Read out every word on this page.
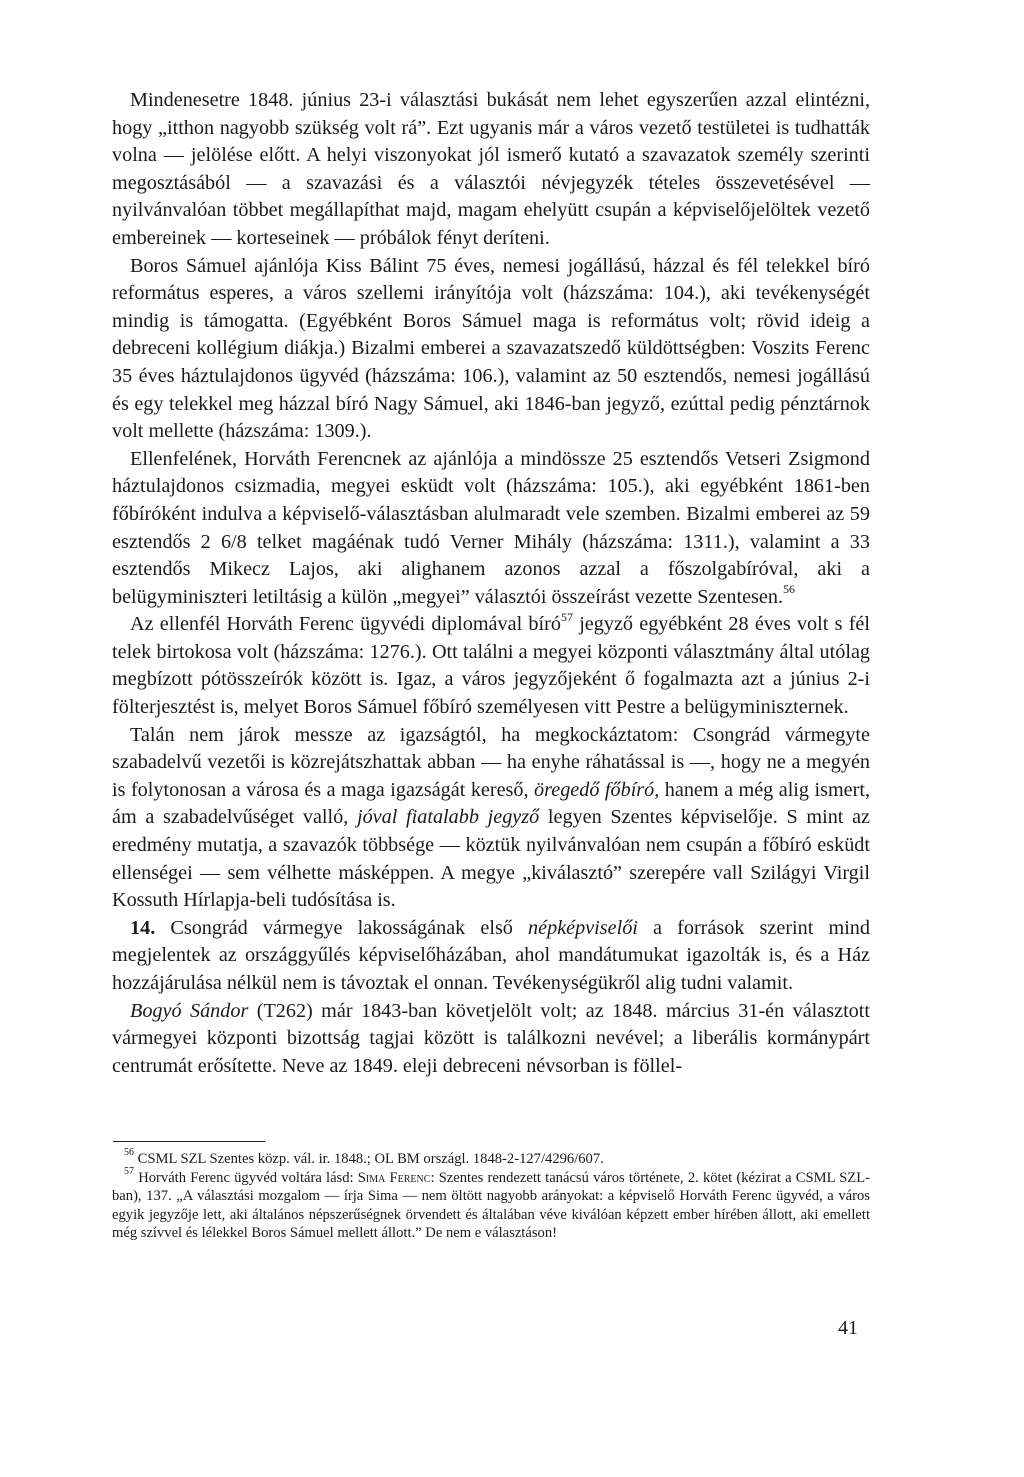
Mindenesetre 1848. június 23-i választási bukását nem lehet egyszerűen azzal elintézni, hogy „itthon nagyobb szükség volt rá”. Ezt ugyanis már a város vezető testületei is tudhatták volna — jelölése előtt. A helyi viszonyokat jól ismerő kutató a szavazatok személy szerinti megosztásából — a szavazási és a választói névjegyzék tételes összevetésével — nyilvánvalóan többet megállapíthat majd, magam ehelyütt csupán a képviselőjelöltek vezető embereinek — korteseinek — próbálok fényt deríteni.

Boros Sámuel ajánlója Kiss Bálint 75 éves, nemesi jogállású, házzal és fél telekkel bíró református esperes, a város szellemi irányítója volt (házszáma: 104.), aki tevékenységét mindig is támogatta. (Egyébként Boros Sámuel maga is református volt; rövid ideig a debreceni kollégium diákja.) Bizalmi emberei a szavazatszedő küldöttségben: Voszits Ferenc 35 éves háztulajdonos ügyvéd (házszáma: 106.), valamint az 50 esztendős, nemesi jogállású és egy telekkel meg házzal bíró Nagy Sámuel, aki 1846-ban jegyző, ezúttal pedig pénztárnok volt mellette (házszáma: 1309.).

Ellenfelének, Horváth Ferencnek az ajánlója a mindössze 25 esztendős Vetseri Zsigmond háztulajdonos csizmadia, megyei esküdt volt (házszáma: 105.), aki egyébként 1861-ben főbíróként indulva a képviselő-választásban alulmaradt vele szemben. Bizalmi emberei az 59 esztendős 2 6/8 telket magáénak tudó Verner Mihály (házszáma: 1311.), valamint a 33 esztendős Mikecz Lajos, aki alighanem azonos azzal a főszolgabíróval, aki a belügyminiszteri letiltásig a külön „megyei” választói összeírást vezette Szentesen.$^{56}$

Az ellenfél Horváth Ferenc ügyvédi diplomával bíró$^{57}$ jegyző egyébként 28 éves volt s fél telek birtokosa volt (házszáma: 1276.). Ott találni a megyei központi választmány által utólag megbízott pótösszeírók között is. Igaz, a város jegyzőjeként ő fogalmazta azt a június 2-i fölterjesztést is, melyet Boros Sámuel főbíró személyesen vitt Pestre a belügyminiszternek.

Talán nem járok messze az igazságtól, ha megkockáztatom: Csongrád vármegyte szabadelvű vezetői is közrejátszhattak abban — ha enyhe ráhatással is —, hogy ne a megyén is folytonosan a városa és a maga igazságát kereső, öregedő főbíró, hanem a még alig ismert, ám a szabadelvűséget valló, jóval fiatalabb jegyző legyen Szentes képviselője. S mint az eredmény mutatja, a szavazók többsége — köztük nyilvánvalóan nem csupán a főbíró esküdt ellenségei — sem vélhette másképpen. A megye „kiválasztó” szerepére vall Szilágyi Virgil Kossuth Hírlapja-beli tudósítása is.

14. Csongrád vármegye lakosságának első népképviselői a források szerint mind megjelentek az országgyűlés képviselőházában, ahol mandátumukat igazolták is, és a Ház hozzájárulása nélkül nem is távoztak el onnan. Tevékenységükről alig tudni valamit.

Bogyó Sándor (T262) már 1843-ban követjelölt volt; az 1848. március 31-én választott vármegyei központi bizottság tagjai között is találkozni nevével; a liberális kormánypárt centrumát erősítette. Neve az 1849. eleji debreceni névsorban is föllel-

$^{56}$ CSML SZL Szentes közp. vál. ir. 1848.; OL BM országl. 1848-2-127/4296/607.

$^{57}$ Horváth Ferenc ügyvéd voltára lásd: Sima Ferenc: Szentes rendezett tanácsú város története, 2. kötet (kézirat a CSML SZL-ban), 137. „A választási mozgalom — írja Sima — nem öltött nagyobb arányokat: a képviselő Horváth Ferenc ügyvéd, a város egyik jegyzője lett, aki általános népszerűségnek örvendett és általában véve kiválóan képzett ember hírében állott, aki emellett még szívvel és lélekkel Boros Sámuel mellett állott.” De nem e választáson!

41
